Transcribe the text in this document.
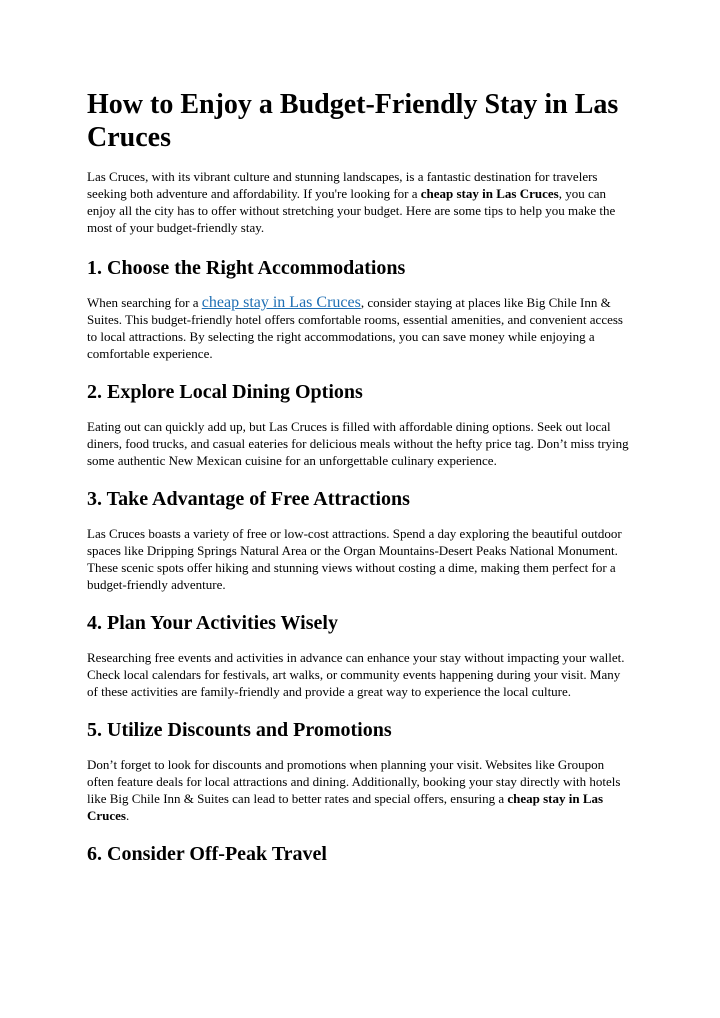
How to Enjoy a Budget-Friendly Stay in Las Cruces

Las Cruces, with its vibrant culture and stunning landscapes, is a fantastic destination for travelers seeking both adventure and affordability. If you're looking for a cheap stay in Las Cruces, you can enjoy all the city has to offer without stretching your budget. Here are some tips to help you make the most of your budget-friendly stay.

1. Choose the Right Accommodations

When searching for a cheap stay in Las Cruces, consider staying at places like Big Chile Inn & Suites. This budget-friendly hotel offers comfortable rooms, essential amenities, and convenient access to local attractions. By selecting the right accommodations, you can save money while enjoying a comfortable experience.

2. Explore Local Dining Options

Eating out can quickly add up, but Las Cruces is filled with affordable dining options. Seek out local diners, food trucks, and casual eateries for delicious meals without the hefty price tag. Don’t miss trying some authentic New Mexican cuisine for an unforgettable culinary experience.

3. Take Advantage of Free Attractions

Las Cruces boasts a variety of free or low-cost attractions. Spend a day exploring the beautiful outdoor spaces like Dripping Springs Natural Area or the Organ Mountains-Desert Peaks National Monument. These scenic spots offer hiking and stunning views without costing a dime, making them perfect for a budget-friendly adventure.

4. Plan Your Activities Wisely

Researching free events and activities in advance can enhance your stay without impacting your wallet. Check local calendars for festivals, art walks, or community events happening during your visit. Many of these activities are family-friendly and provide a great way to experience the local culture.

5. Utilize Discounts and Promotions

Don’t forget to look for discounts and promotions when planning your visit. Websites like Groupon often feature deals for local attractions and dining. Additionally, booking your stay directly with hotels like Big Chile Inn & Suites can lead to better rates and special offers, ensuring a cheap stay in Las Cruces.

6. Consider Off-Peak Travel
